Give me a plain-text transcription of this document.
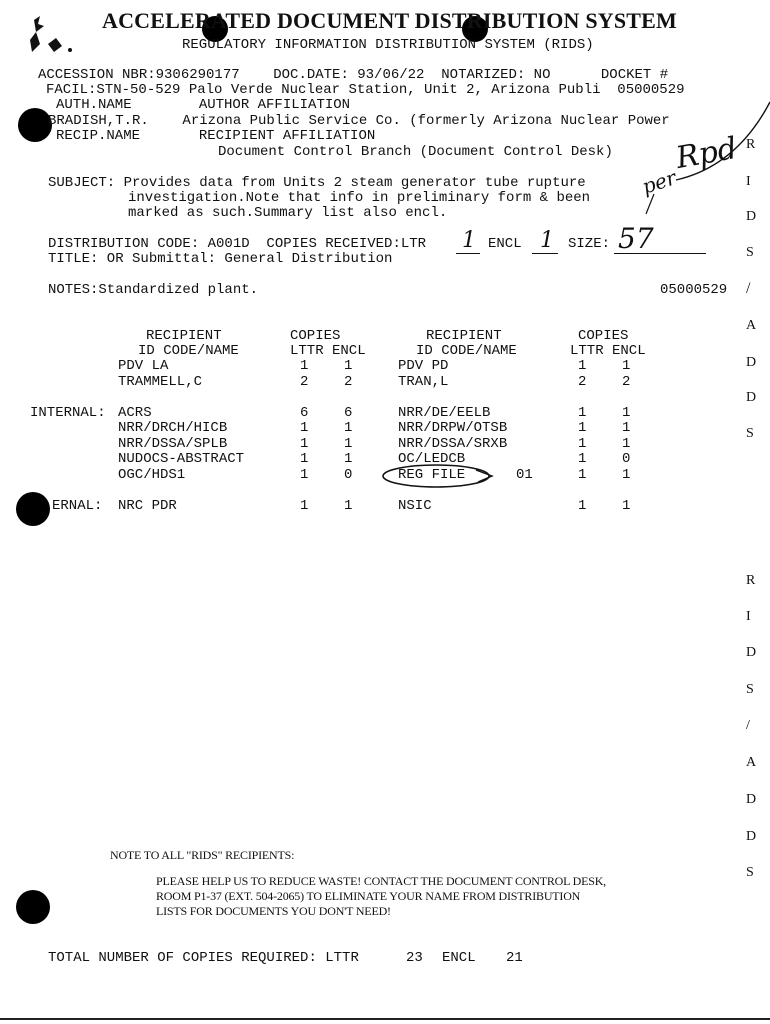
ACCELERATED DOCUMENT DISTRIBUTION SYSTEM
REGULATORY INFORMATION DISTRIBUTION SYSTEM (RIDS)
ACCESSION NBR:9306290177    DOC.DATE: 93/06/22  NOTARIZED: NO      DOCKET #
FACIL:STN-50-529 Palo Verde Nuclear Station, Unit 2, Arizona Publi  05000529
AUTH.NAME        AUTHOR AFFILIATION
BRADISH,T.R.    Arizona Public Service Co. (formerly Arizona Nuclear Power
RECIP.NAME       RECIPIENT AFFILIATION
Document Control Branch (Document Control Desk)
SUBJECT: Provides data from Units 2 steam generator tube rupture
investigation.Note that info in preliminary form & been
marked as such.Summary list also encl.
DISTRIBUTION CODE: A001D  COPIES RECEIVED:LTR 1 ENCL 1 SIZE: 57
TITLE: OR Submittal: General Distribution
NOTES:Standardized plant.	05000529 /
RECIPIENT	COPIES	RECIPIENT	COPIES
ID CODE/NAME	LTTR ENCL	ID CODE/NAME	LTTR ENCL
PDV LA	1	1	PDV PD	1	1
TRAMMELL,C	2	2	TRAN,L	2	2
INTERNAL: ACRS	6	6	NRR/DE/EELB	1	1
NRR/DRCH/HICB	1	1	NRR/DRPW/OTSB	1	1
NRR/DSSA/SPLB	1	1	NRR/DSSA/SRXB	1	1
NUDOCS-ABSTRACT	1	1	OC/LEDCB	1	0
OGC/HDS1	1	0	REG FILE	01	1	1
ERNAL: NRC PDR	1	1	NSIC	1	1
Rpd
per
R
I
D
S
A
D
D
S
R
I
D
S
/
A
D
D
S
NOTE TO ALL "RIDS" RECIPIENTS:
PLEASE HELP US TO REDUCE WASTE! CONTACT THE DOCUMENT CONTROL DESK,
ROOM P1-37 (EXT. 504-2065) TO ELIMINATE YOUR NAME FROM DISTRIBUTION
LISTS FOR DOCUMENTS YOU DON'T NEED!
TOTAL NUMBER OF COPIES REQUIRED: LTTR	23 ENCL 21
